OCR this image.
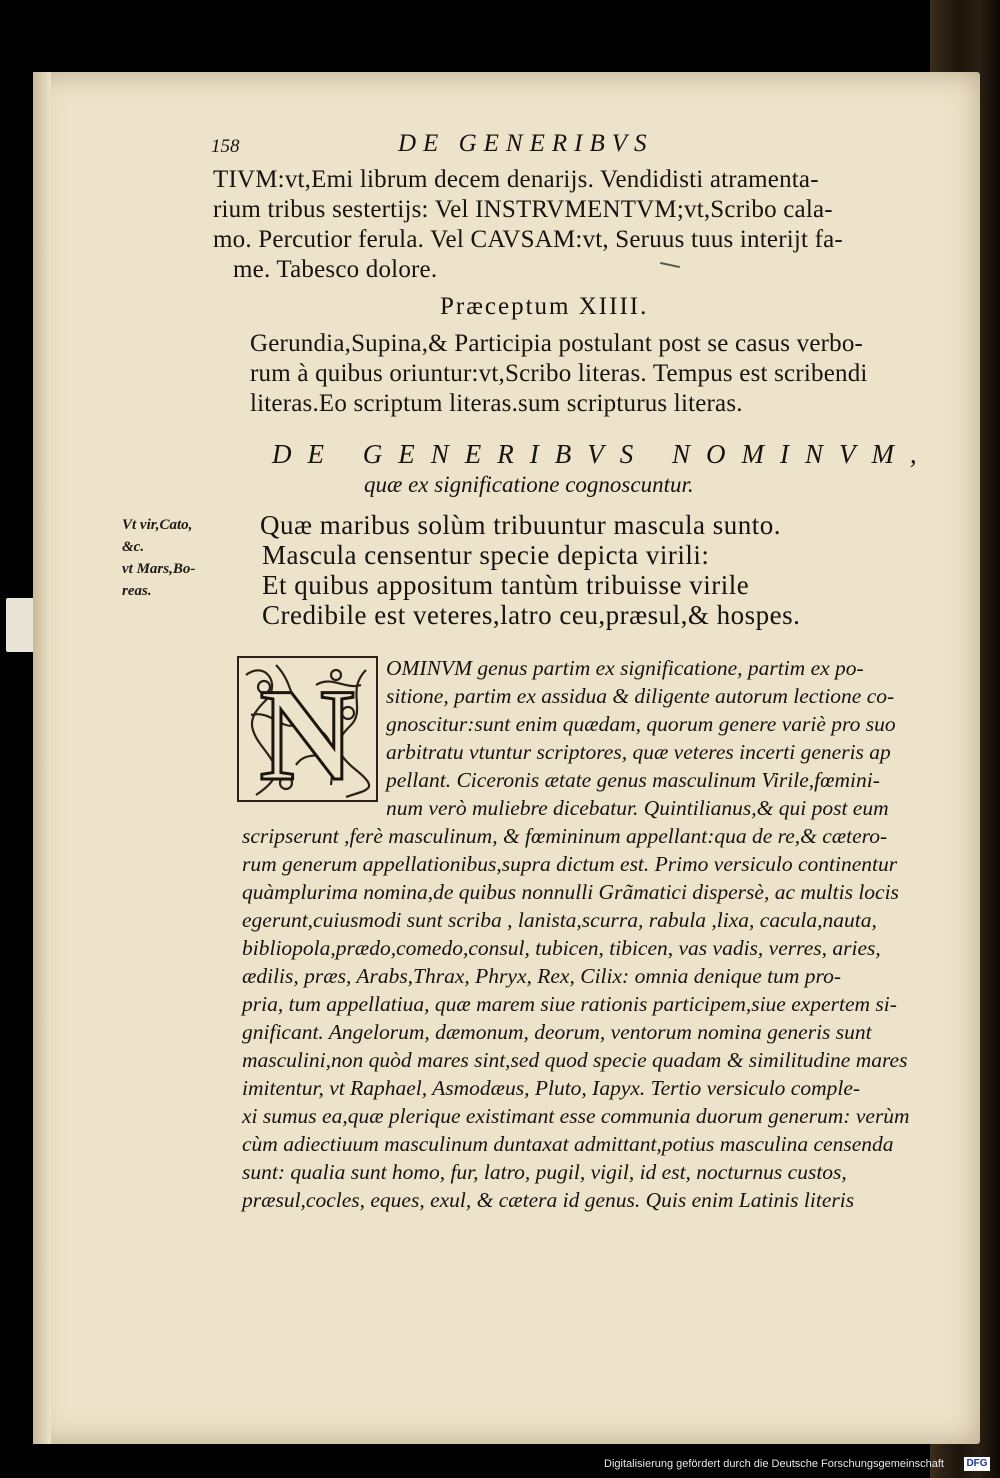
158	DE GENERIBVS
TIVM:vt,Emi librum decem denarijs. Vendidisti atramenta-
rium tribus sestertijs: Vel INSTRVMENTVM;vt,Scribo cala-
mo. Percutior ferula. Vel CAVSAM:vt, Seruus tuus interijt fa-
me. Tabesco dolore.
Præceptum XIIII.
Gerundia,Supina,& Participia postulant post se casus verbo-
rum à quibus oriuntur:vt,Scribo literas. Tempus est scribendi
literas.Eo scriptum literas.sum scripturus literas.
DE GENERIBVS NOMINVM,
quæ ex significatione cognoscuntur.
Vt vir,Cato,
&c.
vt Mars,Bo-
reas.
Quæ maribus solùm tribuuntur mascula sunto.
Mascula censentur specie depicta virili:
Et quibus appositum tantùm tribuisse virile
Credibile est veteres,latro ceu,præsul,& hospes.
N OMINVM genus partim ex significatione, partim ex po-
sitione, partim ex assidua & diligente autorum lectione co-
gnoscitur:sunt enim quædam, quorum genere variè pro suo
arbitratu vtuntur scriptores, quæ veteres incerti generis ap
pellant. Ciceronis ætate genus masculinum Virile,fœmini-
num verò muliebre dicebatur. Quintilianus,& qui post eum
scripserunt ,ferè masculinum, & fœmininum appellant:qua de re,& cætero-
rum generum appellationibus,supra dictum est. Primo versiculo continentur
quàmplurima nomina,de quibus nonnulli Grãmatici dispersè, ac multis locis
egerunt,cuiusmodi sunt scriba , lanista,scurra, rabula ,lixa, cacula,nauta,
bibliopola,prædo,comedo,consul, tubicen, tibicen, vas vadis, verres, aries,
ædilis, præs, Arabs,Thrax, Phryx, Rex, Cilix: omnia denique tum pro-
pria, tum appellatiua, quæ marem siue rationis participem,siue expertem si-
gnificant. Angelorum, dæmonum, deorum, ventorum nomina generis sunt
masculini,non quòd mares sint,sed quod specie quadam & similitudine mares
imitentur, vt Raphael, Asmodæus, Pluto, Iapyx. Tertio versiculo comple-
xi sumus ea,quæ plerique existimant esse communia duorum generum: verùm
cùm adiectiuum masculinum duntaxat admittant,potius masculina censenda
sunt: qualia sunt homo, fur, latro, pugil, vigil, id est, nocturnus custos,
præsul,cocles, eques, exul, & cætera id genus. Quis enim Latinis literis
Digitalisierung gefördert durch die Deutsche Forschungsgemeinschaft DFG
